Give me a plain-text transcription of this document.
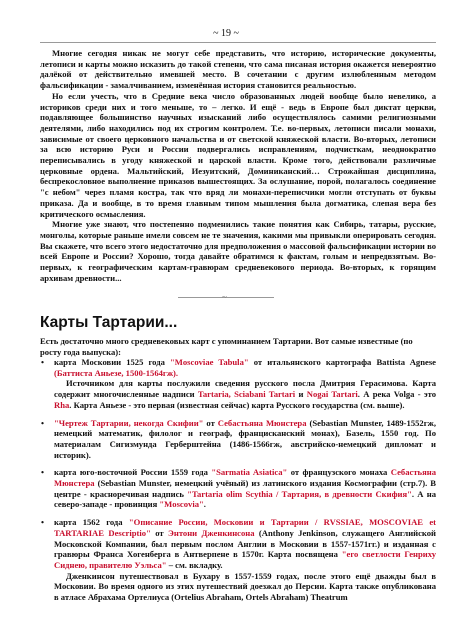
~ 19 ~

Многие сегодня никак не могут себе представить, что историю, исторические документы, летописи и карты можно исказить до такой степени, что сама писаная история окажется невероятно далёкой от действительно имевшей место. В сочетании с другим излюбленным методом фальсификации - замалчиванием, изменённая история становится реальностью.

Но если учесть, что в Средние века число образованных людей вообще было невелико, а историков среди них и того меньше, то – легко. И ещё - ведь в Европе был диктат церкви, подавляющее большинство научных изысканий либо осуществлялось самими религиозными деятелями, либо находились под их строгим контролем. Т.е. во-первых, летописи писали монахи, зависимые от своего церковного начальства и от светской княжеской власти. Во-вторых, летописи за всю историю Руси и России подвергались исправлениям, подчисткам, неоднократно переписывались в угоду княжеской и царской власти. Кроме того, действовали различные церковные ордена. Мальтийский, Иезуитский, Доминиканский… Строжайшая дисциплина, беспрекословное выполнение приказов вышестоящих. За ослушание, порой, полагалось соединение "с небом" через пламя костра, так что вряд ли монахи-переписчики могли отступать от буквы приказа. Да и вообще, в то время главным типом мышления была догматика, слепая вера без критического осмысления.

Многие уже знают, что постепенно подменились такие понятия как Сибирь, татары, русские, монголы, которые раньше имели совсем не те значения, какими мы привыкли оперировать сегодня. Вы скажете, что всего этого недостаточно для предположения о массовой фальсификации истории во всей Европе и России? Хорошо, тогда давайте обратимся к фактам, голым и непредвзятым. Во-первых, к географическим картам-гравюрам средневекового периода. Во-вторых, к горящим архивам древности...

~
Карты Тартарии...

Есть достаточно много средневековых карт с упоминанием Тартарии. Вот самые известные (по росту года выпуска):

• карта Московии 1525 года "Moscoviae Tabula" от итальянского картографа Battista Agnese (Баттиста Аньезе, 1500-1564гж).

Источником для карты послужили сведения русского посла Дмитрия Герасимова. Карта содержит многочисленные надписи Tartaria, Sciabani Tartari и Nogai Tartari. А река Volga - это Rha. Карта Аньезе - это первая (известная сейчас) карта Русского государства (см. выше).

• "Чертеж Тартарии, некогда Скифии" от Себастьяна Мюнстера (Sebastian Munster, 1489-1552гж, немецкий математик, филолог и географ, францисканский монах), Базель, 1550 год. По материалам Сигизмунда Герберштейна (1486-1566гж, австрийско-немецкий дипломат и историк).
• карта юго-восточной России 1559 года "Sarmatia Asiatica" от французского монаха Себастьяна Мюнстера (Sebastian Munster, немецкий учёный) из латинского издания Космографии (стр.7). В центре - красноречивая надпись "Tartaria olim Scythia / Тартария, в древности Скифия". А на северо-западе - провинция "Moscovia".
• карта 1562 года "Описание России, Московии и Тартарии / RVSSIAE, MOSCOVIAE et TARTARIAE Descriptio" от Энтони Дженкинсона (Anthony Jenkinson, служащего Английской Московской Компании, был первым послом Англии в Московии в 1557-1571гг.) и изданная с гравюры Франса Хогенберга в Антверпене в 1570г. Карта посвящена "его светлости Генриху Сиднею, правителю Уэльса" – см. вкладку.

Дженкинсон путешествовал в Бухару в 1557-1559 годах, после этого ещё дважды был в Московии. Во время одного из этих путешествий доезжал до Персии. Карта также опубликована в атласе Абрахама Ортелиуса (Ortelius Abraham, Ortels Abraham) Theatrum
